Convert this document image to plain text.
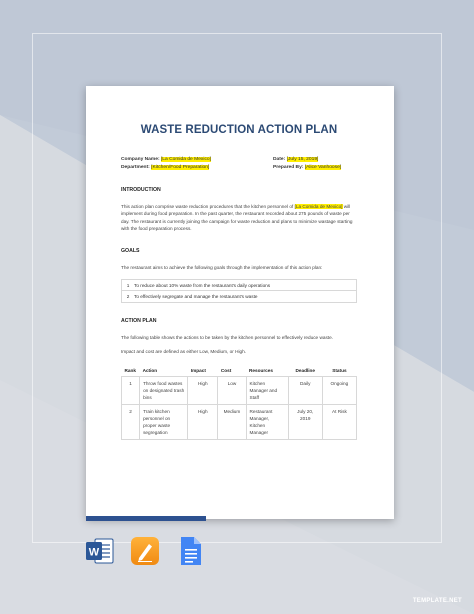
WASTE REDUCTION ACTION PLAN
Company Name: [La Comida de Mexico]
Department: [Kitchen/Food Preparation]
Date: [July 15, 2019]
Prepared By: [Alice Vanhoose]
INTRODUCTION
This action plan comprise waste reduction procedures that the kitchen personnel of [La Comida de Mexico] will implement during food preparation. In the past quarter, the restaurant recorded about 275 pounds of waste per day. The restaurant is currently joining the campaign for waste reduction and plans to minimize wastage starting with the food preparation process.
GOALS
The restaurant aims to achieve the following goals through the implementation of this action plan:
1	To reduce about 10% waste from the restaurant's daily operations
2	To effectively segregate and manage the restaurant's waste
ACTION PLAN
The following table shows the actions to be taken by the kitchen personnel to effectively reduce waste.
Impact and cost are defined as either Low, Medium, or High.
Rank	Action	Impact	Cost	Resources	Deadline	Status
1	Throw food wastes on designated trash bins	High	Low	Kitchen Manager and Staff	Daily	Ongoing
2	Train kitchen personnel on proper waste segregation	High	Medium	Restaurant Manager, Kitchen Manager	July 20, 2019	At Risk
W
TEMPLATE.NET
